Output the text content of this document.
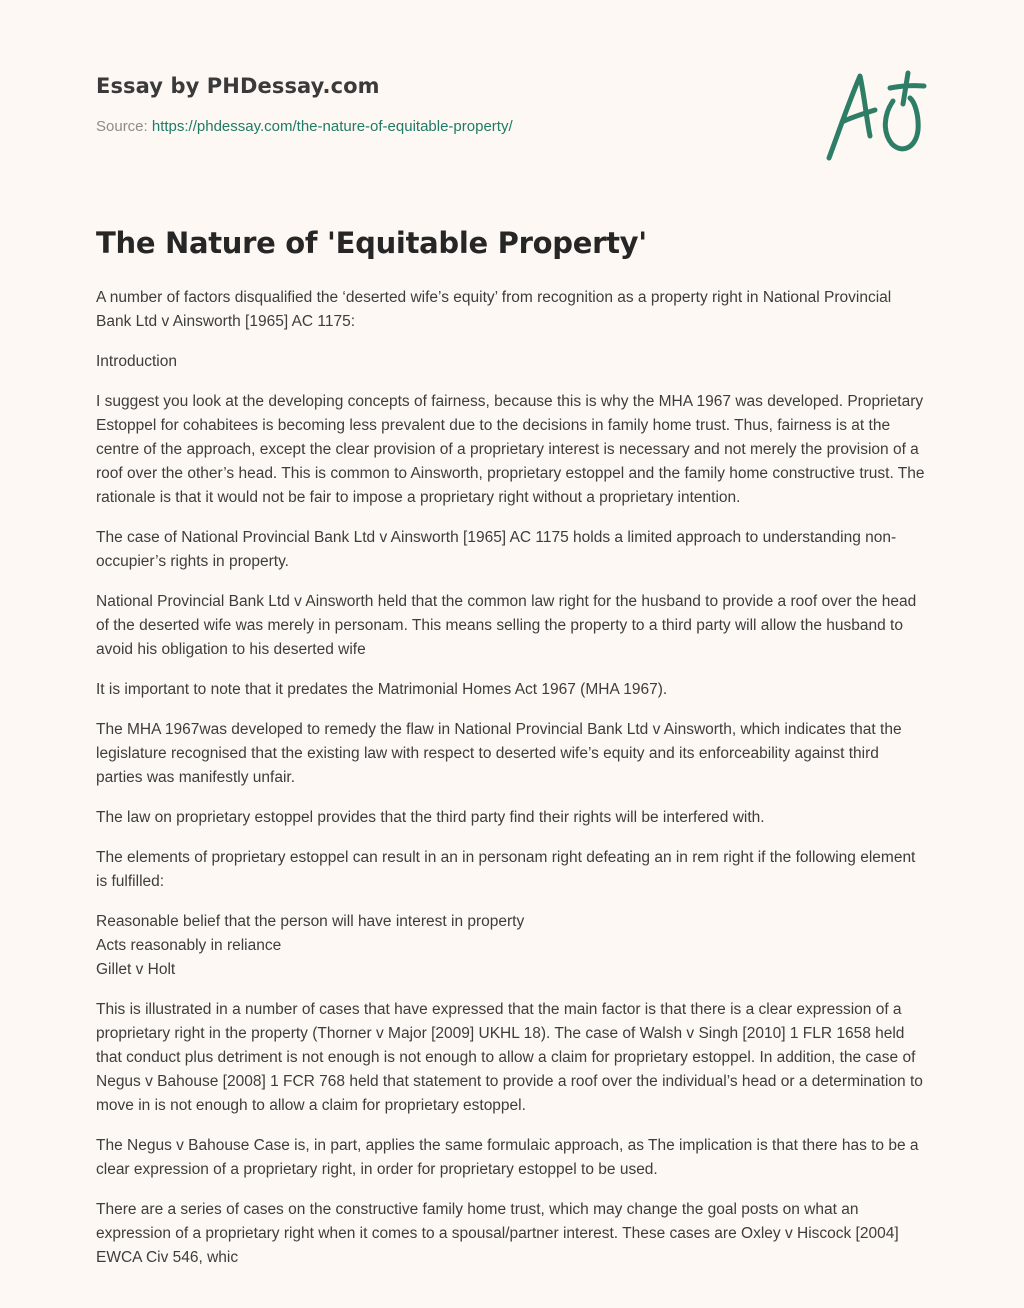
Essay by PHDessay.com
Source: https://phdessay.com/the-nature-of-equitable-property/
The Nature of 'Equitable Property'

A number of factors disqualified the ‘deserted wife’s equity’ from recognition as a property right in National Provincial Bank Ltd v Ainsworth [1965] AC 1175:

Introduction

I suggest you look at the developing concepts of fairness, because this is why the MHA 1967 was developed. Proprietary Estoppel for cohabitees is becoming less prevalent due to the decisions in family home trust. Thus, fairness is at the centre of the approach, except the clear provision of a proprietary interest is necessary and not merely the provision of a roof over the other’s head. This is common to Ainsworth, proprietary estoppel and the family home constructive trust. The rationale is that it would not be fair to impose a proprietary right without a proprietary intention.

The case of National Provincial Bank Ltd v Ainsworth [1965] AC 1175 holds a limited approach to understanding non-occupier’s rights in property.

National Provincial Bank Ltd v Ainsworth held that the common law right for the husband to provide a roof over the head of the deserted wife was merely in personam. This means selling the property to a third party will allow the husband to avoid his obligation to his deserted wife

It is important to note that it predates the Matrimonial Homes Act 1967 (MHA 1967).

The MHA 1967was developed to remedy the flaw in National Provincial Bank Ltd v Ainsworth, which indicates that the legislature recognised that the existing law with respect to deserted wife’s equity and its enforceability against third parties was manifestly unfair.

The law on proprietary estoppel provides that the third party find their rights will be interfered with.

The elements of proprietary estoppel can result in an in personam right defeating an in rem right if the following element is fulfilled:

Reasonable belief that the person will have interest in property
Acts reasonably in reliance
Gillet v Holt

This is illustrated in a number of cases that have expressed that the main factor is that there is a clear expression of a proprietary right in the property (Thorner v Major [2009] UKHL 18). The case of Walsh v Singh [2010] 1 FLR 1658 held that conduct plus detriment is not enough is not enough to allow a claim for proprietary estoppel. In addition, the case of Negus v Bahouse [2008] 1 FCR 768 held that statement to provide a roof over the individual’s head or a determination to move in is not enough to allow a claim for proprietary estoppel.

The Negus v Bahouse Case is, in part, applies the same formulaic approach, as The implication is that there has to be a clear expression of a proprietary right, in order for proprietary estoppel to be used.

There are a series of cases on the constructive family home trust, which may change the goal posts on what an expression of a proprietary right when it comes to a spousal/partner interest. These cases are Oxley v Hiscock [2004] EWCA Civ 546, whic
